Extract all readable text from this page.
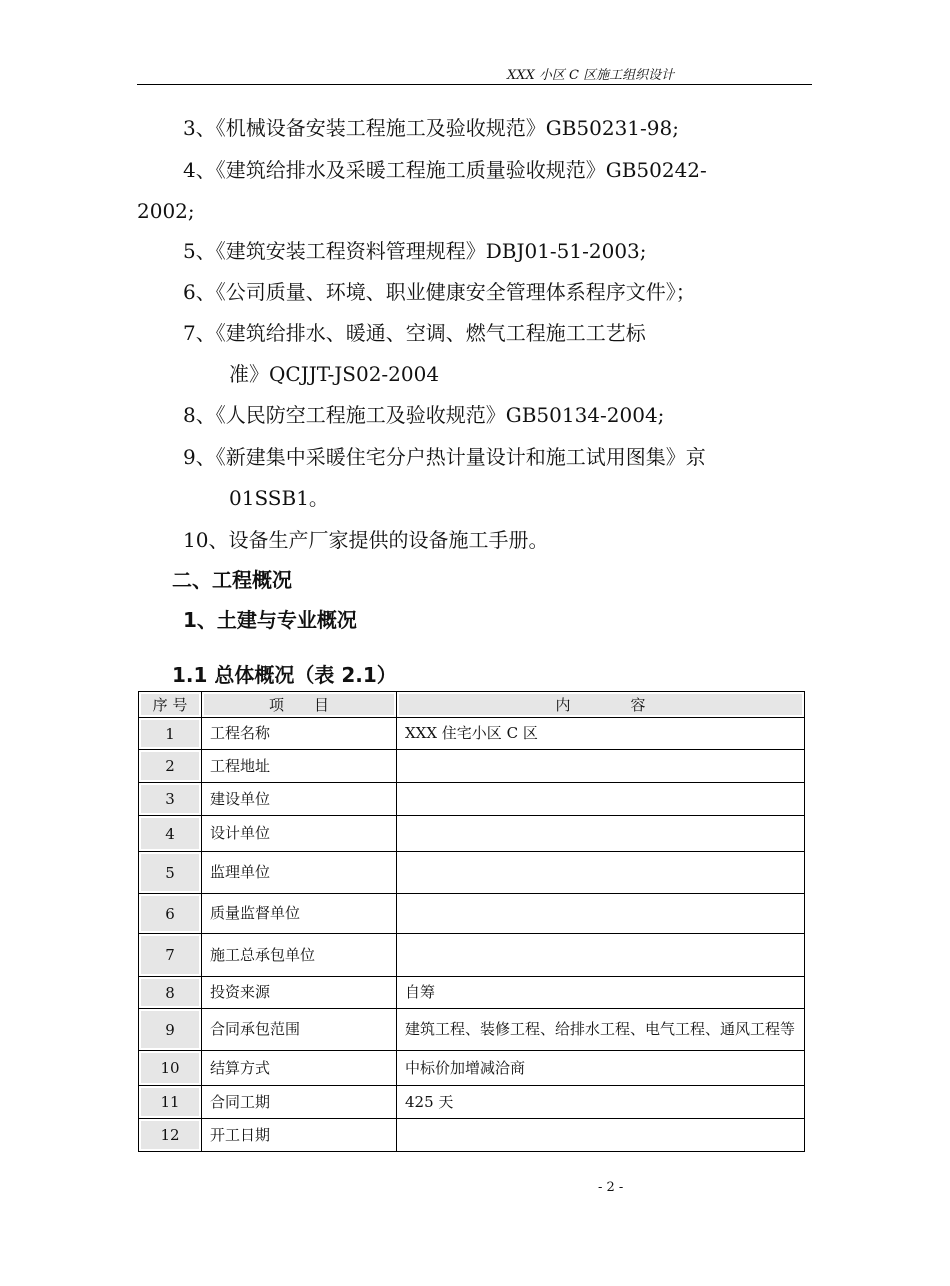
XXX 小区 C 区施工组织设计
3、《机械设备安装工程施工及验收规范》GB50231-98;
4、《建筑给排水及采暖工程施工质量验收规范》GB50242-
2002;
5、《建筑安装工程资料管理规程》DBJ01-51-2003;
6、《公司质量、环境、职业健康安全管理体系程序文件》；
7、《建筑给排水、暖通、空调、燃气工程施工工艺标
准》QCJJT-JS02-2004
8、《人民防空工程施工及验收规范》GB50134-2004;
9、《新建集中采暖住宅分户热计量设计和施工试用图集》京
01SSB1。
10、设备生产厂家提供的设备施工手册。
二、工程概况
1、土建与专业概况
1.1 总体概况（表 2.1）
序 号	项　　目	内　　　　容
1	工程名称	XXX 住宅小区 C 区
2	工程地址	
3	建设单位	
4	设计单位	
5	监理单位	
6	质量监督单位	
7	施工总承包单位	
8	投资来源	自筹
9	合同承包范围	建筑工程、装修工程、给排水工程、电气工程、通风工程等
10	结算方式	中标价加增减洽商
11	合同工期	425 天
12	开工日期	
- 2 -
